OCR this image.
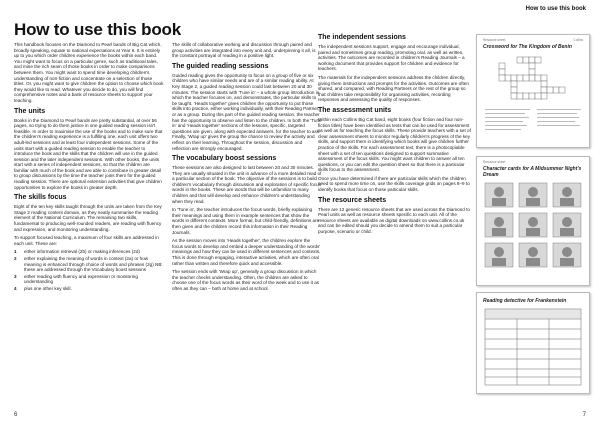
How to use this book
How to use this book

This handbook focuses on the Diamond to Pearl bands of Big Cat which, broadly speaking, equate to national expectations at Year 6. It is entirely up to you which order children experience the books within each band. You might want to focus on a particular genre, such as traditional tales, and mine the rich seam of those books in order to make comparisons between them. You might want to spend time developing children's understanding of non-fiction and concentrate on a selection of those titles. Or, you might want to give children the option to choose which book they would like to read. Whatever you decide to do, you will find comprehensive notes and a bank of resource sheets to support your teaching.

The units

Books in the Diamond to Pearl bands are pretty substantial, at over 56 pages, so trying to do them justice in one guided reading session isn't feasible. In order to maximise the use of the books and to make sure that the children's reading experience is a fulfilling one, each unit offers two adult-led sessions and at least four independent sessions. Some of the units start with a guided reading session to enable the teacher to introduce the book and the skills that the children will use in the guided session and the later independent sessions. With other books, the units start with a series of independent sessions, so that the children are familiar with much of the book and are able to contribute in greater detail to group discussions by the time the teacher joins them for the guided reading session. There are optional extension activities that give children opportunities to explore the books in greater depth.

The skills focus

Eight of the ten key skills taught through the units are taken from the Key Stage 2 reading content domain, as they neatly summarise the reading element of the National Curriculum. The remaining two skills, fundamental to producing well-rounded readers, are reading with fluency and expression, and monitoring understanding.

To support focused teaching, a maximum of four skills are addressed in each unit. These are:

1	either information retrieval (2b) or making inferences (2d)
2	either explaining the meaning of words in context (2a) or how meaning is enhanced through choice of words and phrases (2g) NB: these are addressed through the Vocabulary boost sessions
3	either reading with fluency and expression or monitoring understanding
4	plus one other key skill.

The skills of collaborative working and discussion through paired and group activities are integrated into every unit and, underpinning it all, is the constant portrayal of reading in a positive light.

The guided reading sessions

Guided reading gives the opportunity to focus on a group of five or six children who have similar needs and are of a similar reading ability. At Key Stage 2, a guided reading session could last between 20 and 30 minutes. The session starts with 'Tune in' – a whole group introduction in which the teacher focuses on, and demonstrates, the particular skills to be taught. 'Heads together' gives children the opportunity to put those skills into practice, either working individually, with their Reading Partner, or as a group. During this part of the guided reading session, the teacher has the opportunity to observe and listen to the children. In both the 'Tune in' and 'Heads together' sections of the lessons, specific, targeted questions are given, along with expected answers, for the teacher to ask. Finally, 'Wrap up' gives the group the chance to review the activity and reflect on their learning. Throughout the session, discussion and reflection are strongly encouraged.

The vocabulary boost sessions

These sessions are also designed to last between 20 and 30 minutes. They are usually situated in the unit in advance of a more detailed read of a particular section of the book. The objective of the sessions is to build children's vocabulary through discussion and exploration of specific focus words in the books. These are words that will be unfamiliar to many children and that will develop and enhance children's understanding when they read.

In 'Tune in', the teacher introduces the focus words, briefly explaining their meanings and using them in example sentences that show the words in different contexts. More formal, but child-friendly, definitions are then given and the children record this information in their Reading Journals.

As the session moves into 'Heads together', the children explore the focus words to develop and embed a deeper understanding of the words' meanings and how they can be used in different sentences and contexts. This is done through engaging, interactive activities, which are often oral rather than written and therefore quick and accessible.

The session ends with 'Wrap up', generally a group discussion in which the teacher checks understanding. Often, the children are asked to choose one of the focus words as their word of the week and to use it as often as they can – both at home and at school.

The independent sessions

The independent sessions support, engage and encourage individual, paired and sometimes group reading, promoting oral, as well as written, activities. The outcomes are recorded in children's Reading Journals – a working document that provides support for children and evidence for teachers.

The materials for the independent sessions address the children directly, giving them instructions and prompts for the activities. Outcomes are often shared, and compared, with Reading Partners or the rest of the group so that children take responsibility for organising activities, recording responses and assessing the quality of responses.

The assessment units

Within each Collins Big Cat band, eight books (four fiction and four non-fiction titles) have been identified as texts that can be used for assessment as well as for teaching the focus skills. These provide teachers with a set of clear assessment sheets to monitor regularly children's progress of the key skills, and support them in identifying which books will give children further practice of the skills. For each assessment text, there is a photocopiable sheet with a set of ten questions designed to support summative assessment of the focus skills. You might want children to answer all ten questions, or you can edit the question sheet so that there is a particular skills focus to the assessment.

Once you have determined if there are particular skills which the children need to spend more time on, use the skills coverage grids on pages 8–9 to identify books that focus on those particular skills.

The resource sheets

There are 12 generic resource sheets that are used across the Diamond to Pearl units as well as resource sheets specific to each unit. All of the resource sheets are available as digital downloads on www.collins.co.uk and can be edited should you decide to amend them to suit a particular purpose, scenario or child.

Resource sheet	Collins
Crossword for The Kingdom of Benin
Resource sheet
Character cards for A Midsummer Night's Dream
Reading detective for Frankenstein
6	7
